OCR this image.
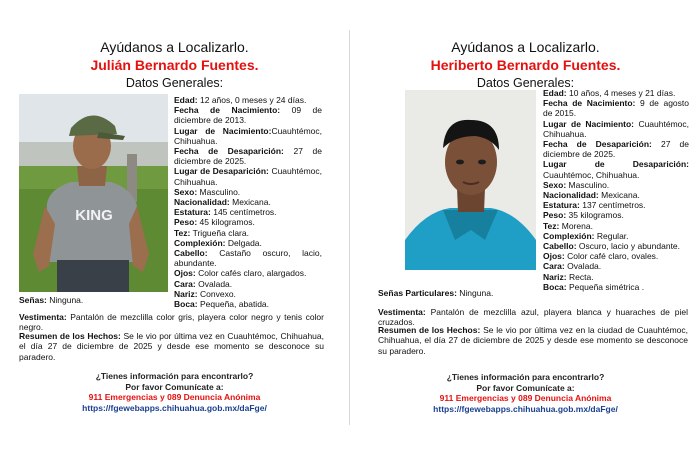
Ayúdanos a Localizarlo.
Julián Bernardo Fuentes.
Datos Generales:
KING
Edad: 12 años, 0 meses y 24 días.
Fecha de Nacimiento: 09 de diciembre de 2013.
Lugar de Nacimiento:Cuauhtémoc, Chihuahua.
Fecha de Desaparición: 27 de diciembre de 2025.
Lugar de Desaparición: Cuauhtémoc, Chihuahua.
Sexo: Masculino.
Nacionalidad: Mexicana.
Estatura: 145 centímetros.
Peso: 45 kilogramos.
Tez: Trigueña clara.
Complexión: Delgada.
Cabello: Castaño oscuro, lacio, abundante.
Ojos: Color cafés claro, alargados.
Cara: Ovalada.
Nariz: Convexo.
Boca: Pequeña, abatida.
Señas: Ninguna.
Vestimenta: Pantalón de mezclilla color gris, playera color negro y tenis color negro.
Resumen de los Hechos: Se le vio por última vez en Cuauhtémoc, Chihuahua, el día 27 de diciembre de 2025 y desde ese momento se desconoce su paradero.
¿Tienes información para encontrarlo?
Por favor Comunícate a:
911 Emergencias y 089 Denuncia Anónima
https://fgewebapps.chihuahua.gob.mx/daFge/
Ayúdanos a Localizarlo.
Heriberto Bernardo Fuentes.
Datos Generales:
Edad: 10 años, 4 meses y 21 días.
Fecha de Nacimiento: 9 de agosto de 2015.
Lugar de Nacimiento: Cuauhtémoc, Chihuahua.
Fecha de Desaparición: 27 de diciembre de 2025.
Lugar de Desaparición: Cuauhtémoc, Chihuahua.
Sexo: Masculino.
Nacionalidad: Mexicana.
Estatura: 137 centímetros.
Peso: 35 kilogramos.
Tez: Morena.
Complexión: Regular.
Cabello: Oscuro, lacio y abundante.
Ojos: Color café claro, ovales.
Cara: Ovalada.
Nariz: Recta.
Boca: Pequeña simétrica .
Señas Particulares: Ninguna.
Vestimenta: Pantalón de mezclilla azul, playera blanca y huaraches de piel cruzados.
Resumen de los Hechos: Se le vio por última vez en la ciudad de Cuauhtémoc, Chihuahua, el día 27 de diciembre de 2025 y desde ese momento se desconoce su paradero.
¿Tienes información para encontrarlo?
Por favor Comunícate a:
911 Emergencias y 089 Denuncia Anónima
https://fgewebapps.chihuahua.gob.mx/daFge/
